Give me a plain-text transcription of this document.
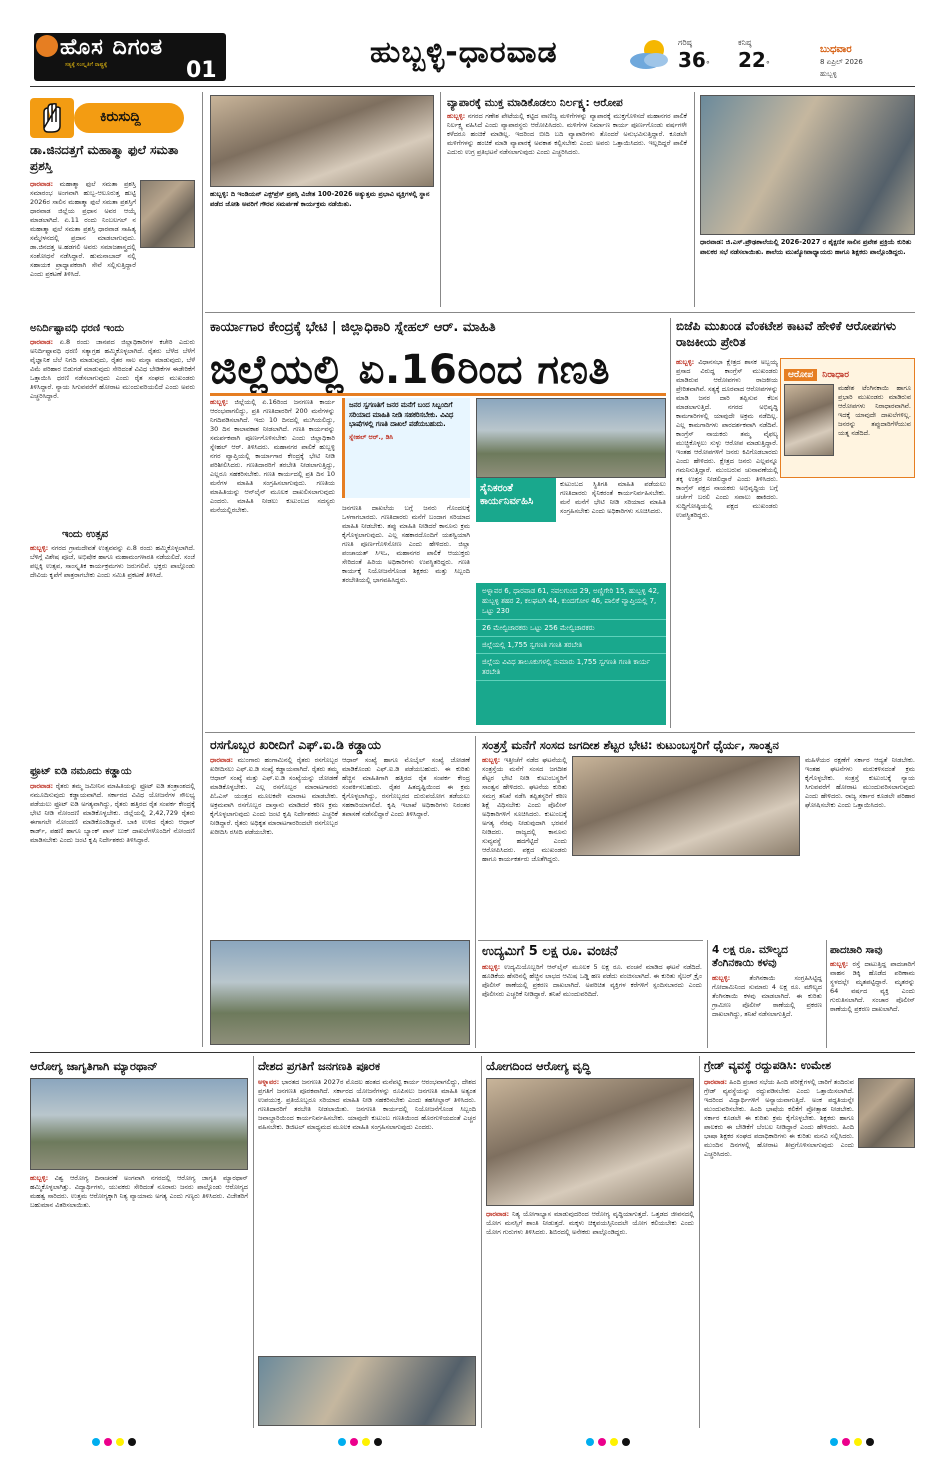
ಹೊಸ ದಿಗಂತ
ಸತ್ಯಕ್ಕೆ ಸಂಸ್ಕೃತಿಗೆ ರಾಷ್ಟ್ರಕ್ಕೆ	01
ಹುಬ್ಬಳ್ಳಿ-ಧಾರವಾಡ	ಗರಿಷ್ಠ
36°
ಕನಿಷ್ಠ
22°
ಬುಧವಾರ
8 ಏಪ್ರಿಲ್ 2026
ಹುಬ್ಬಳ್ಳಿ
ಕಿರುಸುದ್ದಿ
ಡಾ.ಜಿನದತ್ತಗೆ ಮಹಾತ್ಮಾ ಫುಲೆ ಸಮತಾ ಪ್ರಶಸ್ತಿ
ಧಾರವಾಡ: ಮಹಾತ್ಮಾ ಫುಲೆ ಸಮತಾ ಪ್ರಶಸ್ತಿ ಸಮಾರಂಭ ಅಂಗವಾಗಿ ಹುಬ್ಬ-ಆಲೂರುತ್ತ ಹುಟ್ಟಿ 2026ರ ಸಾಲಿನ ಮಹಾತ್ಮಾ ಫುಲೆ ಸಮತಾ ಪ್ರಶಸ್ತಿಗೆ ಧಾರವಾಡ ಜಿಲ್ಲೆಯ ಪ್ರಧಾನ ಅವರ ಆಯ್ಕೆ ಮಾಡಲಾಗಿದೆ. ಏ.11 ರಂದು ನಿಂಬಲಗಲ್ ನ ಮಹಾತ್ಮಾ ಫುಲೆ ಸಮತಾ ಪ್ರಶಸ್ತಿ ಧಾರವಾಡ ಸಾಹಿತ್ಯ ಸಮ್ಮೇಳನದಲ್ಲಿ ಪ್ರದಾನ ಮಾಡಲಾಗುವುದು. ಡಾ.ಜಿನದತ್ತ ಅ.ಹಡಗಲಿ ಅವರು ಸಮಾಜಶಾಸ್ತ್ರದಲ್ಲಿ ಸಂಶೋಧನೆ ನಡೆಸಿದ್ದಾರೆ. ಹುಮನಾಬಾದ್ ನಲ್ಲಿ ಸಹಾಯಕ ಪ್ರಾಧ್ಯಾಪಕರಾಗಿ ಸೇವೆ ಸಲ್ಲಿಸುತ್ತಿದ್ದಾರೆ ಎಂದು ಪ್ರಕಟಣೆ ತಿಳಿಸಿದೆ.
ಅನಿರ್ದಿಷ್ಟಾವಧಿ ಧರಣಿ ಇಂದು
ಧಾರವಾಡ: ಏ.8 ರಂದು ಜಾನಪದ ಜಿಲ್ಲಾಧಿಕಾರಿಗಳ ಕಚೇರಿ ಎದುರು ಅನಿರ್ದಿಷ್ಟಾವಧಿ ಧರಣಿ ಸತ್ಯಾಗ್ರಹ ಹಮ್ಮಿಕೊಳ್ಳಲಾಗಿದೆ. ರೈತರು ಬೆಳೆದ ಬೆಳೆಗೆ ವೈಜ್ಞಾನಿಕ ಬೆಲೆ ನಿಗದಿ ಮಾಡುವುದು, ರೈತರ ಸಾಲ ಮನ್ನಾ ಮಾಡುವುದು, ಬೆಳೆ ವಿಮೆ ಪರಿಹಾರ ಬಿಡುಗಡೆ ಮಾಡುವುದು ಸೇರಿದಂತೆ ವಿವಿಧ ಬೇಡಿಕೆಗಳ ಈಡೇರಿಕೆಗೆ ಒತ್ತಾಯಿಸಿ ಧರಣಿ ನಡೆಸಲಾಗುವುದು ಎಂದು ರೈತ ಸಂಘದ ಮುಖಂಡರು ತಿಳಿಸಿದ್ದಾರೆ. ನ್ಯಾಯ ಸಿಗುವವರೆಗೆ ಹೋರಾಟ ಮುಂದುವರಿಯಲಿದೆ ಎಂದು ಅವರು ಎಚ್ಚರಿಸಿದ್ದಾರೆ.
ಇಂದು ಉತ್ಸವ
ಹುಬ್ಬಳ್ಳಿ: ನಗರದ ಗ್ರಾಮದೇವತೆ ಉತ್ಸವವನ್ನು ಏ.8 ರಂದು ಹಮ್ಮಿಕೊಳ್ಳಲಾಗಿದೆ. ಬೆಳಿಗ್ಗೆ ವಿಶೇಷ ಪೂಜೆ, ಅಭಿಷೇಕ ಹಾಗೂ ಮಹಾಮಂಗಳಾರತಿ ನಡೆಯಲಿದೆ. ಸಂಜೆ ಪಲ್ಲಕ್ಕಿ ಉತ್ಸವ, ಸಾಂಸ್ಕೃತಿಕ ಕಾರ್ಯಕ್ರಮಗಳು ಜರುಗಲಿವೆ. ಭಕ್ತರು ಪಾಲ್ಗೊಂಡು ದೇವಿಯ ಕೃಪೆಗೆ ಪಾತ್ರರಾಗಬೇಕು ಎಂದು ಸಮಿತಿ ಪ್ರಕಟಣೆ ತಿಳಿಸಿದೆ.
ಫ್ರೂಟ್ ಐಡಿ ನಮೂದು ಕಡ್ಡಾಯ
ಧಾರವಾಡ: ರೈತರು ತಮ್ಮ ಜಮೀನಿನ ಮಾಹಿತಿಯನ್ನು ಫ್ರೂಟ್ ಐಡಿ ತಂತ್ರಾಂಶದಲ್ಲಿ ನಮೂದಿಸುವುದು ಕಡ್ಡಾಯವಾಗಿದೆ. ಸರ್ಕಾರದ ವಿವಿಧ ಯೋಜನೆಗಳ ಸೌಲಭ್ಯ ಪಡೆಯಲು ಫ್ರೂಟ್ ಐಡಿ ಅಗತ್ಯವಾಗಿದ್ದು, ರೈತರು ಹತ್ತಿರದ ರೈತ ಸಂಪರ್ಕ ಕೇಂದ್ರಕ್ಕೆ ಭೇಟಿ ನೀಡಿ ನೋಂದಣಿ ಮಾಡಿಕೊಳ್ಳಬೇಕು. ಜಿಲ್ಲೆಯಲ್ಲಿ 2,42,729 ರೈತರು ಈಗಾಗಲೇ ನೋಂದಣಿ ಮಾಡಿಕೊಂಡಿದ್ದಾರೆ. ಬಾಕಿ ಉಳಿದ ರೈತರು ಆಧಾರ್ ಕಾರ್ಡ್, ಪಹಣಿ ಹಾಗೂ ಬ್ಯಾಂಕ್ ಪಾಸ್ ಬುಕ್ ದಾಖಲೆಗಳೊಂದಿಗೆ ನೋಂದಣಿ ಮಾಡಿಸಬೇಕು ಎಂದು ಜಂಟಿ ಕೃಷಿ ನಿರ್ದೇಶಕರು ತಿಳಿಸಿದ್ದಾರೆ.
ಹುಬ್ಬಳ್ಳಿ: ದಿ ಇಂಡಿಯನ್ ಎಕ್ಸ್‌ಪ್ರೆಸ್ ಪ್ರಶಸ್ತಿ ವಿಜೇತ 100-2026 ಅತ್ಯುತ್ತಮ ಪ್ರಭಾವಿ ವ್ಯಕ್ತಿಗಳಲ್ಲಿ ಸ್ಥಾನ ಪಡೆದ ಜೋಶಿ ಅವರಿಗೆ ಗೌರವ ಸಮರ್ಪಣೆ ಕಾರ್ಯಕ್ರಮ ನಡೆಯಿತು.
ವ್ಯಾಪಾರಕ್ಕೆ ಮುಕ್ತ ಮಾಡಿಕೊಡಲು ನಿರ್ಲಕ್ಷ್ಯ: ಆರೋಪ
ಹುಬ್ಬಳ್ಳಿ: ನಗರದ ಗಣೇಶ ಪೇಟೆಯಲ್ಲಿ ಕಟ್ಟಿದ ವಾಣಿಜ್ಯ ಮಳಿಗೆಗಳನ್ನು ವ್ಯಾಪಾರಕ್ಕೆ ಮುಕ್ತಗೊಳಿಸದೆ ಮಹಾನಗರ ಪಾಲಿಕೆ ನಿರ್ಲಕ್ಷ್ಯ ವಹಿಸಿದೆ ಎಂದು ವ್ಯಾಪಾರಸ್ಥರು ಆರೋಪಿಸಿದರು. ಮಳಿಗೆಗಳ ನಿರ್ಮಾಣ ಕಾರ್ಯ ಪೂರ್ಣಗೊಂಡು ವರ್ಷಗಳೇ ಕಳೆದರೂ ಹಂಚಿಕೆ ಮಾಡಿಲ್ಲ. ಇದರಿಂದ ಬೀದಿ ಬದಿ ವ್ಯಾಪಾರಿಗಳು ತೊಂದರೆ ಅನುಭವಿಸುತ್ತಿದ್ದಾರೆ. ಕೂಡಲೇ ಮಳಿಗೆಗಳನ್ನು ಹಂಚಿಕೆ ಮಾಡಿ ವ್ಯಾಪಾರಕ್ಕೆ ಅವಕಾಶ ಕಲ್ಪಿಸಬೇಕು ಎಂದು ಅವರು ಒತ್ತಾಯಿಸಿದರು. ಇಲ್ಲದಿದ್ದರೆ ಪಾಲಿಕೆ ಎದುರು ಉಗ್ರ ಪ್ರತಿಭಟನೆ ನಡೆಸಲಾಗುವುದು ಎಂದು ಎಚ್ಚರಿಸಿದರು.
ಧಾರವಾಡ: ಜಿ.ಎಸ್.ಪ್ರೌಢಶಾಲೆಯಲ್ಲಿ 2026-2027 ರ ಶೈಕ್ಷಣಿಕ ಸಾಲಿನ ಪ್ರವೇಶ ಪ್ರಕ್ರಿಯೆ ಕುರಿತು ಪಾಲಕರ ಸಭೆ ನಡೆಸಲಾಯಿತು. ಶಾಲೆಯ ಮುಖ್ಯೋಪಾಧ್ಯಾಯರು ಹಾಗೂ ಶಿಕ್ಷಕರು ಪಾಲ್ಗೊಂಡಿದ್ದರು.
ಕಾರ್ಯಾಗಾರ ಕೇಂದ್ರಕ್ಕೆ ಭೇಟಿ | ಜಿಲ್ಲಾಧಿಕಾರಿ ಸ್ನೇಹಲ್ ಆರ್. ಮಾಹಿತಿ
ಜಿಲ್ಲೆಯಲ್ಲಿ ಏ.16ರಿಂದ ಗಣತಿ
ಹುಬ್ಬಳ್ಳಿ: ಜಿಲ್ಲೆಯಲ್ಲಿ ಏ.16ರಿಂದ ಜನಗಣತಿ ಕಾರ್ಯ ಆರಂಭವಾಗಲಿದ್ದು, ಪ್ರತಿ ಗಣತಿದಾರರಿಗೆ 200 ಮನೆಗಳನ್ನು ನಿಗದಿಪಡಿಸಲಾಗಿದೆ. ಇದು 10 ದಿನದಲ್ಲಿ ಮುಗಿಯಲಿದ್ದು, 30 ದಿನ ಕಾಲಾವಕಾಶ ನೀಡಲಾಗಿದೆ. ಗಣತಿ ಕಾರ್ಯವನ್ನು ಸಮರ್ಪಕವಾಗಿ ಪೂರ್ಣಗೊಳಿಸಬೇಕು ಎಂದು ಜಿಲ್ಲಾಧಿಕಾರಿ ಸ್ನೇಹಲ್ ಆರ್. ತಿಳಿಸಿದರು. ಮಹಾನಗರ ಪಾಲಿಕೆ ಹುಬ್ಬಳ್ಳಿ ನಗರ ವ್ಯಾಪ್ತಿಯಲ್ಲಿ ಕಾರ್ಯಾಗಾರ ಕೇಂದ್ರಕ್ಕೆ ಭೇಟಿ ನೀಡಿ ಪರಿಶೀಲಿಸಿದರು. ಗಣತಿದಾರರಿಗೆ ತರಬೇತಿ ನೀಡಲಾಗುತ್ತಿದ್ದು, ಎಲ್ಲರೂ ಸಹಕರಿಸಬೇಕು. ಗಣತಿ ಕಾರ್ಯದಲ್ಲಿ ಪ್ರತಿ ದಿನ 10 ಮನೆಗಳ ಮಾಹಿತಿ ಸಂಗ್ರಹಿಸಲಾಗುವುದು. ಗಣತಿಯ ಮಾಹಿತಿಯನ್ನು ಆನ್‌ಲೈನ್ ಮೂಲಕ ದಾಖಲಿಸಲಾಗುವುದು ಎಂದರು. ಮಾಹಿತಿ ನೀಡಲು ಕುಟುಂಬದ ಸದಸ್ಯರು ಮನೆಯಲ್ಲಿರಬೇಕು.
ಜನರ ಸ್ವಗಣತಿಗೆ ಜನರ ಮನೆಗೆ ಬಂದ ಸಿಬ್ಬಂದಿಗೆ ಸರಿಯಾದ ಮಾಹಿತಿ ನೀಡಿ ಸಹಕರಿಸಬೇಕು. ವಿವಿಧ ಭಾಷೆಗಳಲ್ಲಿ ಗಣತಿ ದಾಖಲೆ ಪಡೆಯಬಹುದು.
ಸ್ನೇಹಲ್ ಆರ್., ಡಿಸಿ
ಜನಗಣತಿ ದಾಖಲೆಯ ಬಗ್ಗೆ ಜನರು ಗೊಂದಲಕ್ಕೆ ಒಳಗಾಗಬಾರದು. ಗಣತಿದಾರರು ಮನೆಗೆ ಬಂದಾಗ ಸರಿಯಾದ ಮಾಹಿತಿ ನೀಡಬೇಕು. ತಪ್ಪು ಮಾಹಿತಿ ನೀಡಿದರೆ ಕಾನೂನು ಕ್ರಮ ಕೈಗೊಳ್ಳಲಾಗುವುದು. ಎಲ್ಲ ಸಹಕಾರದೊಂದಿಗೆ ಯಶಸ್ವಿಯಾಗಿ ಗಣತಿ ಪೂರ್ಣಗೊಳಿಸೋಣ ಎಂದು ಹೇಳಿದರು. ಜಿಲ್ಲಾ ಪಂಚಾಯತ್ ಸಿಇಒ, ಮಹಾನಗರ ಪಾಲಿಕೆ ಆಯುಕ್ತರು ಸೇರಿದಂತೆ ಹಿರಿಯ ಅಧಿಕಾರಿಗಳು ಉಪಸ್ಥಿತರಿದ್ದರು. ಗಣತಿ ಕಾರ್ಯಕ್ಕೆ ನಿಯೋಜನೆಗೊಂಡ ಶಿಕ್ಷಕರು ಮತ್ತು ಸಿಬ್ಬಂದಿ ತರಬೇತಿಯಲ್ಲಿ ಭಾಗವಹಿಸಿದ್ದರು.
ಸೈನಿಕರಂತೆ ಕಾರ್ಯನಿರ್ವಹಿಸಿ
ಕುಟುಂಬದ ಸ್ಥಿತಿಗತಿ ಮಾಹಿತಿ ಪಡೆಯಲು ಗಣತಿದಾರರು ಸೈನಿಕರಂತೆ ಕಾರ್ಯನಿರ್ವಹಿಸಬೇಕು. ಮನೆ ಮನೆಗೆ ಭೇಟಿ ನೀಡಿ ಸರಿಯಾದ ಮಾಹಿತಿ ಸಂಗ್ರಹಿಸಬೇಕು ಎಂದು ಅಧಿಕಾರಿಗಳು ಸೂಚಿಸಿದರು.
ಅಳ್ನಾವರ 6, ಧಾರವಾಡ 61, ನವಲಗುಂದ 29, ಅಣ್ಣಿಗೇರಿ 15, ಹುಬ್ಬಳ್ಳಿ 42, ಹುಬ್ಬಳ್ಳಿ ಶಹರ 2, ಕಲಘಟಗಿ 44, ಕುಂದಗೋಳ 46, ಪಾಲಿಕೆ ವ್ಯಾಪ್ತಿಯಲ್ಲಿ 7, ಒಟ್ಟು 230
26 ಮೇಲ್ವಿಚಾರಕರು ಒಟ್ಟು 256 ಮೇಲ್ವಿಚಾರಕರು
ಜಿಲ್ಲೆಯಲ್ಲಿ 1,755 ಸ್ವಗಣತಿ ಗಣತಿ ತರಬೇತಿ
ಜಿಲ್ಲೆಯ ವಿವಿಧ ತಾಲೂಕುಗಳಲ್ಲಿ ಸುಮಾರು 1,755 ಸ್ವಗಣತಿ ಗಣತಿ ಕಾರ್ಯ ತರಬೇತಿ
ಬಿಜೆಪಿ ಮುಖಂಡ ವೆಂಕಟೇಶ ಕಾಟವೆ ಹೇಳಿಕೆ ಆರೋಪಗಳು ರಾಜಕೀಯ ಪ್ರೇರಿತ
ಹುಬ್ಬಳ್ಳಿ: ವಿಧಾನಸಭಾ ಕ್ಷೇತ್ರದ ಶಾಸಕ ಅಬ್ಬಯ್ಯ ಪ್ರಸಾದ ವಿರುದ್ಧ ಕಾಂಗ್ರೆಸ್ ಮುಖಂಡರು ಮಾಡಿರುವ ಆರೋಪಗಳು ರಾಜಕೀಯ ಪ್ರೇರಿತವಾಗಿವೆ. ಸತ್ಯಕ್ಕೆ ದೂರವಾದ ಆರೋಪಗಳನ್ನು ಮಾಡಿ ಜನರ ದಾರಿ ತಪ್ಪಿಸುವ ಕೆಲಸ ಮಾಡಲಾಗುತ್ತಿದೆ. ನಗರದ ಅಭಿವೃದ್ಧಿ ಕಾಮಗಾರಿಗಳಲ್ಲಿ ಯಾವುದೇ ಅಕ್ರಮ ನಡೆದಿಲ್ಲ. ಎಲ್ಲ ಕಾಮಗಾರಿಗಳು ಪಾರದರ್ಶಕವಾಗಿ ನಡೆದಿವೆ. ಕಾಂಗ್ರೆಸ್ ನಾಯಕರು ತಮ್ಮ ವೈಫಲ್ಯ ಮುಚ್ಚಿಕೊಳ್ಳಲು ಸುಳ್ಳು ಆರೋಪ ಮಾಡುತ್ತಿದ್ದಾರೆ. ಇಂತಹ ಆರೋಪಗಳಿಗೆ ಜನರು ಕಿವಿಗೊಡಬಾರದು ಎಂದು ಹೇಳಿದರು. ಕ್ಷೇತ್ರದ ಜನರು ಎಲ್ಲವನ್ನೂ ಗಮನಿಸುತ್ತಿದ್ದಾರೆ. ಮುಂಬರುವ ಚುನಾವಣೆಯಲ್ಲಿ ತಕ್ಕ ಉತ್ತರ ನೀಡಲಿದ್ದಾರೆ ಎಂದು ತಿಳಿಸಿದರು. ಕಾಂಗ್ರೆಸ್ ಪಕ್ಷದ ನಾಯಕರು ಅಭಿವೃದ್ಧಿಯ ಬಗ್ಗೆ ಚರ್ಚೆಗೆ ಬರಲಿ ಎಂದು ಸವಾಲು ಹಾಕಿದರು. ಸುದ್ದಿಗೋಷ್ಠಿಯಲ್ಲಿ ಪಕ್ಷದ ಮುಖಂಡರು ಉಪಸ್ಥಿತರಿದ್ದರು.
ಆರೋಪ ನಿರಾಧಾರ
ಮಹೇಶ ಟೆಂಗಿನಕಾಯಿ ಹಾಗೂ ಪ್ರಭಾರಿ ಮುಖಂಡರು ಮಾಡಿರುವ ಆರೋಪಗಳು ನಿರಾಧಾರವಾಗಿವೆ. ಇದಕ್ಕೆ ಯಾವುದೇ ದಾಖಲೆಗಳಿಲ್ಲ. ಜನರನ್ನು ತಪ್ಪುದಾರಿಗೆಳೆಯುವ ಯತ್ನ ನಡೆದಿದೆ.
ರಸಗೊಬ್ಬರ ಖರೀದಿಗೆ ಎಫ್.ಐ.ಡಿ ಕಡ್ಡಾಯ
ಧಾರವಾಡ: ಮುಂಗಾರು ಹಂಗಾಮಿನಲ್ಲಿ ರೈತರು ರಸಗೊಬ್ಬರ ಖರೀದಿಸಲು ಎಫ್.ಐ.ಡಿ ಸಂಖ್ಯೆ ಕಡ್ಡಾಯವಾಗಿದೆ. ರೈತರು ತಮ್ಮ ಆಧಾರ್ ಸಂಖ್ಯೆ ಮತ್ತು ಎಫ್.ಐ.ಡಿ ಸಂಖ್ಯೆಯನ್ನು ಜೋಡಣೆ ಮಾಡಿಕೊಳ್ಳಬೇಕು. ಎಲ್ಲ ರಸಗೊಬ್ಬರ ಮಾರಾಟಗಾರರು ಪಿಓಎಸ್ ಯಂತ್ರದ ಮೂಲಕವೇ ಮಾರಾಟ ಮಾಡಬೇಕು. ಅಕ್ರಮವಾಗಿ ರಸಗೊಬ್ಬರ ದಾಸ್ತಾನು ಮಾಡಿದರೆ ಕಠಿಣ ಕ್ರಮ ಕೈಗೊಳ್ಳಲಾಗುವುದು ಎಂದು ಜಂಟಿ ಕೃಷಿ ನಿರ್ದೇಶಕರು ಎಚ್ಚರಿಕೆ ನೀಡಿದ್ದಾರೆ. ರೈತರು ಅಧಿಕೃತ ಮಾರಾಟಗಾರರಿಂದಲೇ ರಸಗೊಬ್ಬರ ಖರೀದಿಸಿ ರಸೀದಿ ಪಡೆಯಬೇಕು.
ಆಧಾರ್ ಸಂಖ್ಯೆ ಹಾಗೂ ಮೊಬೈಲ್ ಸಂಖ್ಯೆ ಜೋಡಣೆ ಮಾಡಿಕೊಂಡು ಎಫ್.ಐ.ಡಿ ಪಡೆಯಬಹುದು. ಈ ಕುರಿತು ಹೆಚ್ಚಿನ ಮಾಹಿತಿಗಾಗಿ ಹತ್ತಿರದ ರೈತ ಸಂಪರ್ಕ ಕೇಂದ್ರ ಸಂಪರ್ಕಿಸಬಹುದು. ರೈತರ ಹಿತದೃಷ್ಟಿಯಿಂದ ಈ ಕ್ರಮ ಕೈಗೊಳ್ಳಲಾಗಿದ್ದು, ರಸಗೊಬ್ಬರದ ದುರುಪಯೋಗ ತಡೆಯಲು ಸಹಕಾರಿಯಾಗಲಿದೆ. ಕೃಷಿ ಇಲಾಖೆ ಅಧಿಕಾರಿಗಳು ನಿರಂತರ ತಪಾಸಣೆ ನಡೆಸಲಿದ್ದಾರೆ ಎಂದು ತಿಳಿಸಿದ್ದಾರೆ.
ಸಂತ್ರಸ್ತೆ ಮನೆಗೆ ಸಂಸದ ಜಗದೀಶ ಶೆಟ್ಟರ ಭೇಟಿ: ಕುಟುಂಬಸ್ಥರಿಗೆ ಧೈರ್ಯ, ಸಾಂತ್ವನ
ಹುಬ್ಬಳ್ಳಿ: ಇತ್ತೀಚೆಗೆ ನಡೆದ ಘಟನೆಯಲ್ಲಿ ಸಂತ್ರಸ್ತೆಯ ಮನೆಗೆ ಸಂಸದ ಜಗದೀಶ ಶೆಟ್ಟರ ಭೇಟಿ ನೀಡಿ ಕುಟುಂಬಸ್ಥರಿಗೆ ಸಾಂತ್ವನ ಹೇಳಿದರು. ಘಟನೆಯ ಕುರಿತು ಸಮಗ್ರ ತನಿಖೆ ನಡೆಸಿ ತಪ್ಪಿತಸ್ಥರಿಗೆ ಕಠಿಣ ಶಿಕ್ಷೆ ವಿಧಿಸಬೇಕು ಎಂದು ಪೊಲೀಸ್ ಅಧಿಕಾರಿಗಳಿಗೆ ಸೂಚಿಸಿದರು. ಕುಟುಂಬಕ್ಕೆ ಅಗತ್ಯ ನೆರವು ನೀಡುವುದಾಗಿ ಭರವಸೆ ನೀಡಿದರು. ರಾಜ್ಯದಲ್ಲಿ ಕಾನೂನು ಸುವ್ಯವಸ್ಥೆ ಹದಗೆಟ್ಟಿದೆ ಎಂದು ಆರೋಪಿಸಿದರು. ಪಕ್ಷದ ಮುಖಂಡರು ಹಾಗೂ ಕಾರ್ಯಕರ್ತರು ಜೊತೆಗಿದ್ದರು.
ಮಹಿಳೆಯರ ರಕ್ಷಣೆಗೆ ಸರ್ಕಾರ ಆದ್ಯತೆ ನೀಡಬೇಕು. ಇಂತಹ ಘಟನೆಗಳು ಮರುಕಳಿಸದಂತೆ ಕ್ರಮ ಕೈಗೊಳ್ಳಬೇಕು. ಸಂತ್ರಸ್ತೆ ಕುಟುಂಬಕ್ಕೆ ನ್ಯಾಯ ಸಿಗುವವರೆಗೆ ಹೋರಾಟ ಮುಂದುವರಿಸಲಾಗುವುದು ಎಂದು ಹೇಳಿದರು. ರಾಜ್ಯ ಸರ್ಕಾರ ಕೂಡಲೇ ಪರಿಹಾರ ಘೋಷಿಸಬೇಕು ಎಂದು ಒತ್ತಾಯಿಸಿದರು.
ಉದ್ಯಮಿಗೆ 5 ಲಕ್ಷ ರೂ. ವಂಚನೆ
ಹುಬ್ಬಳ್ಳಿ: ಉದ್ಯಮಿಯೊಬ್ಬರಿಗೆ ಆನ್‌ಲೈನ್ ಮೂಲಕ 5 ಲಕ್ಷ ರೂ. ವಂಚನೆ ಮಾಡಿದ ಘಟನೆ ನಡೆದಿದೆ. ಹೂಡಿಕೆಯ ಹೆಸರಿನಲ್ಲಿ ಹೆಚ್ಚಿನ ಲಾಭದ ಆಮಿಷ ಒಡ್ಡಿ ಹಣ ಪಡೆದು ವಂಚಿಸಲಾಗಿದೆ. ಈ ಕುರಿತು ಸೈಬರ್ ಕ್ರೈಂ ಪೊಲೀಸ್ ಠಾಣೆಯಲ್ಲಿ ಪ್ರಕರಣ ದಾಖಲಾಗಿದೆ. ಅಪರಿಚಿತ ವ್ಯಕ್ತಿಗಳ ಕರೆಗಳಿಗೆ ಸ್ಪಂದಿಸಬಾರದು ಎಂದು ಪೊಲೀಸರು ಎಚ್ಚರಿಕೆ ನೀಡಿದ್ದಾರೆ. ತನಿಖೆ ಮುಂದುವರಿದಿದೆ.
4 ಲಕ್ಷ ರೂ. ಮೌಲ್ಯದ ತೆಂಗಿನಕಾಯಿ ಕಳವು
ಹುಬ್ಬಳ್ಳಿ:	ತೆಂಗಿನಕಾಯಿ ಸಂಗ್ರಹಿಸಿಟ್ಟಿದ್ದ ಗೋದಾಮಿನಿಂದ ಸುಮಾರು 4 ಲಕ್ಷ ರೂ. ಮೌಲ್ಯದ ತೆಂಗಿನಕಾಯಿ ಕಳವು ಮಾಡಲಾಗಿದೆ. ಈ ಕುರಿತು ಗ್ರಾಮೀಣ ಪೊಲೀಸ್ ಠಾಣೆಯಲ್ಲಿ ಪ್ರಕರಣ ದಾಖಲಾಗಿದ್ದು, ತನಿಖೆ ನಡೆಸಲಾಗುತ್ತಿದೆ.
ಪಾದಚಾರಿ ಸಾವು
ಹುಬ್ಬಳ್ಳಿ: ರಸ್ತೆ ದಾಟುತ್ತಿದ್ದ ಪಾದಚಾರಿಗೆ ವಾಹನ ಡಿಕ್ಕಿ ಹೊಡೆದ ಪರಿಣಾಮ ಸ್ಥಳದಲ್ಲೇ ಮೃತಪಟ್ಟಿದ್ದಾರೆ. ಮೃತರನ್ನು 64 ವರ್ಷದ ವ್ಯಕ್ತಿ ಎಂದು ಗುರುತಿಸಲಾಗಿದೆ. ಸಂಚಾರ ಪೊಲೀಸ್ ಠಾಣೆಯಲ್ಲಿ ಪ್ರಕರಣ ದಾಖಲಾಗಿದೆ.
ಆರೋಗ್ಯ ಜಾಗೃತಿಗಾಗಿ ಮ್ಯಾರಥಾನ್
ಹುಬ್ಬಳ್ಳಿ: ವಿಶ್ವ ಆರೋಗ್ಯ ದಿನಾಚರಣೆ ಅಂಗವಾಗಿ ನಗರದಲ್ಲಿ ಆರೋಗ್ಯ ಜಾಗೃತಿ ಮ್ಯಾರಥಾನ್ ಹಮ್ಮಿಕೊಳ್ಳಲಾಗಿತ್ತು. ವಿದ್ಯಾರ್ಥಿಗಳು, ಯುವಕರು ಸೇರಿದಂತೆ ನೂರಾರು ಜನರು ಪಾಲ್ಗೊಂಡು ಆರೋಗ್ಯದ ಮಹತ್ವ ಸಾರಿದರು. ಉತ್ತಮ ಆರೋಗ್ಯಕ್ಕಾಗಿ ನಿತ್ಯ ವ್ಯಾಯಾಮ ಅಗತ್ಯ ಎಂದು ಗಣ್ಯರು ತಿಳಿಸಿದರು. ವಿಜೇತರಿಗೆ ಬಹುಮಾನ ವಿತರಿಸಲಾಯಿತು.
ದೇಶದ ಪ್ರಗತಿಗೆ ಜನಗಣತಿ ಪೂರಕ
ಅಳ್ನಾವರ: ಭಾರತದ ಜನಗಣತಿ 2027ರ ಮೊದಲ ಹಂತದ ಮನೆಪಟ್ಟಿ ಕಾರ್ಯ ಆರಂಭವಾಗಲಿದ್ದು, ದೇಶದ ಪ್ರಗತಿಗೆ ಜನಗಣತಿ ಪೂರಕವಾಗಿದೆ. ಸರ್ಕಾರದ ಯೋಜನೆಗಳನ್ನು ರೂಪಿಸಲು ಜನಗಣತಿ ಮಾಹಿತಿ ಅತ್ಯಂತ ಉಪಯುಕ್ತ. ಪ್ರತಿಯೊಬ್ಬರೂ ಸರಿಯಾದ ಮಾಹಿತಿ ನೀಡಿ ಸಹಕರಿಸಬೇಕು ಎಂದು ತಹಸೀಲ್ದಾರ್ ತಿಳಿಸಿದರು. ಗಣತಿದಾರರಿಗೆ ತರಬೇತಿ ನೀಡಲಾಯಿತು. ಜನಗಣತಿ ಕಾರ್ಯದಲ್ಲಿ ನಿಯೋಜನೆಗೊಂಡ ಸಿಬ್ಬಂದಿ ಜವಾಬ್ದಾರಿಯಿಂದ ಕಾರ್ಯನಿರ್ವಹಿಸಬೇಕು. ಯಾವುದೇ ಕುಟುಂಬ ಗಣತಿಯಿಂದ ಹೊರಗುಳಿಯದಂತೆ ಎಚ್ಚರ ವಹಿಸಬೇಕು. ಡಿಜಿಟಲ್ ಮಾಧ್ಯಮದ ಮೂಲಕ ಮಾಹಿತಿ ಸಂಗ್ರಹಿಸಲಾಗುವುದು ಎಂದರು.
ಯೋಗದಿಂದ ಆರೋಗ್ಯ ವೃದ್ಧಿ
ಧಾರವಾಡ: ನಿತ್ಯ ಯೋಗಾಭ್ಯಾಸ ಮಾಡುವುದರಿಂದ ಆರೋಗ್ಯ ವೃದ್ಧಿಯಾಗುತ್ತದೆ. ಒತ್ತಡದ ಜೀವನದಲ್ಲಿ ಯೋಗ ಮನಸ್ಸಿಗೆ ಶಾಂತಿ ನೀಡುತ್ತದೆ. ಮಕ್ಕಳು ಚಿಕ್ಕವಯಸ್ಸಿನಿಂದಲೇ ಯೋಗ ಕಲಿಯಬೇಕು ಎಂದು ಯೋಗ ಗುರುಗಳು ತಿಳಿಸಿದರು. ಶಿಬಿರದಲ್ಲಿ ಅನೇಕರು ಪಾಲ್ಗೊಂಡಿದ್ದರು.
ಗ್ರೇಡ್ ವ್ಯವಸ್ಥೆ ರದ್ದುಪಡಿಸಿ: ಉಮೇಶ
ಧಾರವಾಡ: ಹಿಂದಿ ಪ್ರಚಾರ ಸಭೆಯ ಹಿಂದಿ ಪರೀಕ್ಷೆಗಳಲ್ಲಿ ಜಾರಿಗೆ ತಂದಿರುವ ಗ್ರೇಡ್ ವ್ಯವಸ್ಥೆಯನ್ನು ರದ್ದುಪಡಿಸಬೇಕು ಎಂದು ಒತ್ತಾಯಿಸಲಾಗಿದೆ. ಇದರಿಂದ ವಿದ್ಯಾರ್ಥಿಗಳಿಗೆ ಅನ್ಯಾಯವಾಗುತ್ತಿದೆ. ಅಂಕ ಪದ್ಧತಿಯನ್ನೇ ಮುಂದುವರಿಸಬೇಕು. ಹಿಂದಿ ಭಾಷೆಯ ಕಲಿಕೆಗೆ ಪ್ರೋತ್ಸಾಹ ನೀಡಬೇಕು. ಸರ್ಕಾರ ಕೂಡಲೇ ಈ ಕುರಿತು ಕ್ರಮ ಕೈಗೊಳ್ಳಬೇಕು. ಶಿಕ್ಷಕರು ಹಾಗೂ ಪಾಲಕರು ಈ ಬೇಡಿಕೆಗೆ ಬೆಂಬಲ ನೀಡಿದ್ದಾರೆ ಎಂದು ಹೇಳಿದರು. ಹಿಂದಿ ಭಾಷಾ ಶಿಕ್ಷಕರ ಸಂಘದ ಪದಾಧಿಕಾರಿಗಳು ಈ ಕುರಿತು ಮನವಿ ಸಲ್ಲಿಸಿದರು. ಮುಂದಿನ ದಿನಗಳಲ್ಲಿ ಹೋರಾಟ ತೀವ್ರಗೊಳಿಸಲಾಗುವುದು ಎಂದು ಎಚ್ಚರಿಸಿದರು.
